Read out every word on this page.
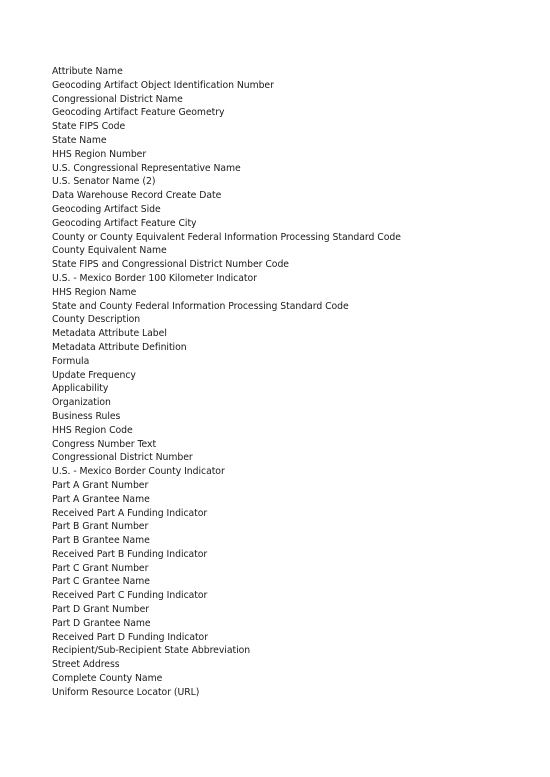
Attribute Name
Geocoding Artifact Object Identification Number
Congressional District Name
Geocoding Artifact Feature Geometry
State FIPS Code
State Name
HHS Region Number
U.S. Congressional Representative Name
U.S. Senator Name (2)
Data Warehouse Record Create Date
Geocoding Artifact Side
Geocoding Artifact Feature City
County or County Equivalent Federal Information Processing Standard Code
County Equivalent Name
State FIPS and Congressional District Number Code
U.S. - Mexico Border 100 Kilometer Indicator
HHS Region Name
State and County Federal Information Processing Standard Code
County Description
Metadata Attribute Label
Metadata Attribute Definition
Formula
Update Frequency
Applicability
Organization
Business Rules
HHS Region Code
Congress Number Text
Congressional District Number
U.S. - Mexico Border County Indicator
Part A Grant Number
Part A Grantee Name
Received Part A Funding Indicator
Part B Grant Number
Part B Grantee Name
Received Part B Funding Indicator
Part C Grant Number
Part C Grantee Name
Received Part C Funding Indicator
Part D Grant Number
Part D Grantee Name
Received Part D Funding Indicator
Recipient/Sub-Recipient State Abbreviation
Street Address
Complete County Name
Uniform Resource Locator (URL)
